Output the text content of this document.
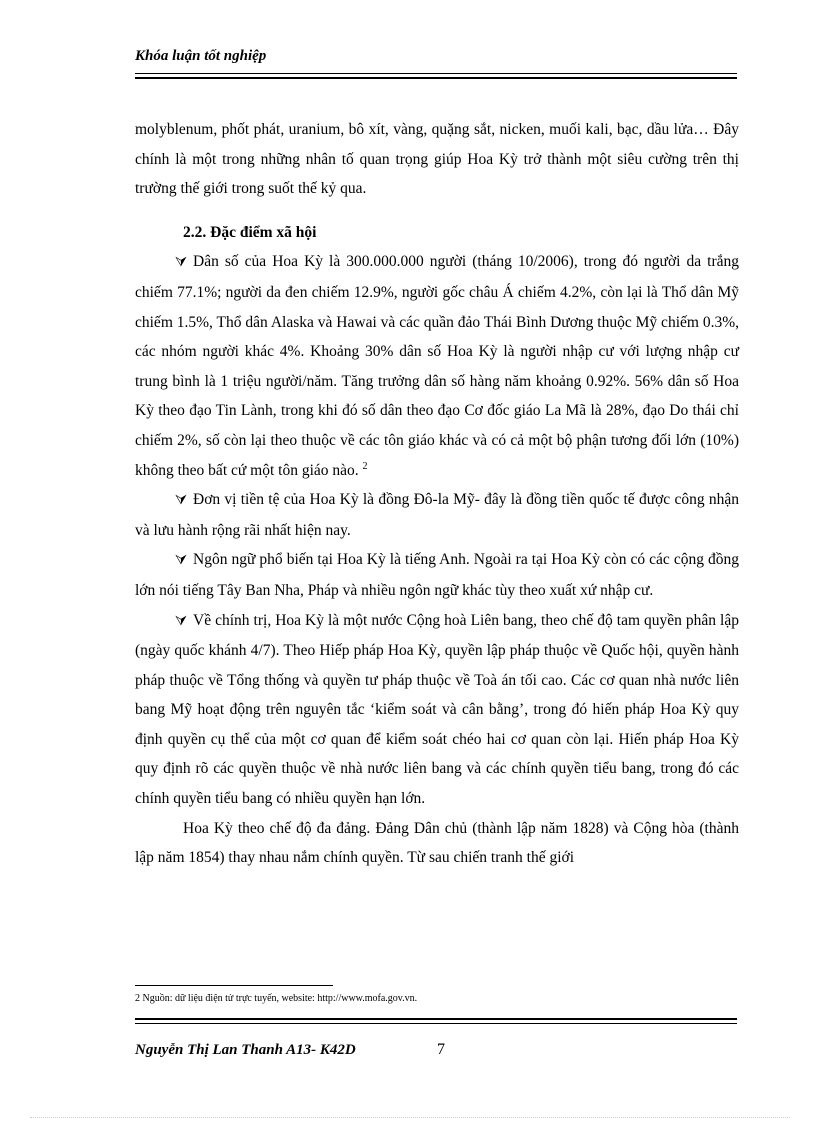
Khóa luận tốt nghiệp

molyblenum, phốt phát, uranium, bô xít, vàng, quặng sắt, nicken, muối kali, bạc, dầu lửa… Đây chính là một trong những nhân tố quan trọng giúp Hoa Kỳ trở thành một siêu cường trên thị trường thế giới trong suốt thế kỷ qua.

2.2. Đặc điểm xã hội

⮛ Dân số của Hoa Kỳ là 300.000.000 người (tháng 10/2006), trong đó người da trắng chiếm 77.1%; người da đen chiếm 12.9%, người gốc châu Á chiếm 4.2%, còn lại là Thổ dân Mỹ chiếm 1.5%, Thổ dân Alaska và Hawai và các quần đảo Thái Bình Dương thuộc Mỹ chiếm 0.3%, các nhóm người khác 4%. Khoảng 30% dân số Hoa Kỳ là người nhập cư với lượng nhập cư trung bình là 1 triệu người/năm. Tăng trưởng dân số hàng năm khoảng 0.92%. 56% dân số Hoa Kỳ theo đạo Tin Lành, trong khi đó số dân theo đạo Cơ đốc giáo La Mã là 28%, đạo Do thái chỉ chiếm 2%, số còn lại theo thuộc về các tôn giáo khác và có cả một bộ phận tương đối lớn (10%) không theo bất cứ một tôn giáo nào. $^2$

⮛ Đơn vị tiền tệ của Hoa Kỳ là đồng Đô-la Mỹ- đây là đồng tiền quốc tế được công nhận và lưu hành rộng rãi nhất hiện nay.

⮛ Ngôn ngữ phổ biến tại Hoa Kỳ là tiếng Anh. Ngoài ra tại Hoa Kỳ còn có các cộng đồng lớn nói tiếng Tây Ban Nha, Pháp và nhiều ngôn ngữ khác tùy theo xuất xứ nhập cư.

⮛ Về chính trị, Hoa Kỳ là một nước Cộng hoà Liên bang, theo chế độ tam quyền phân lập (ngày quốc khánh 4/7). Theo Hiếp pháp Hoa Kỳ, quyền lập pháp thuộc về Quốc hội, quyền hành pháp thuộc về Tổng thống và quyền tư pháp thuộc về Toà án tối cao. Các cơ quan nhà nước liên bang Mỹ hoạt động trên nguyên tắc ‘kiểm soát và cân bằng’, trong đó hiến pháp Hoa Kỳ quy định quyền cụ thể của một cơ quan để kiểm soát chéo hai cơ quan còn lại. Hiến pháp Hoa Kỳ quy định rõ các quyền thuộc về nhà nước liên bang và các chính quyền tiểu bang, trong đó các chính quyền tiểu bang có nhiều quyền hạn lớn.

Hoa Kỳ theo chế độ đa đảng. Đảng Dân chủ (thành lập năm 1828) và Cộng hòa (thành lập năm 1854) thay nhau nắm chính quyền. Từ sau chiến tranh thế giới

2 Nguồn: dữ liệu điện tử trực tuyến, website: http://www.mofa.gov.vn.
Nguyễn Thị Lan Thanh A13- K42D	7
